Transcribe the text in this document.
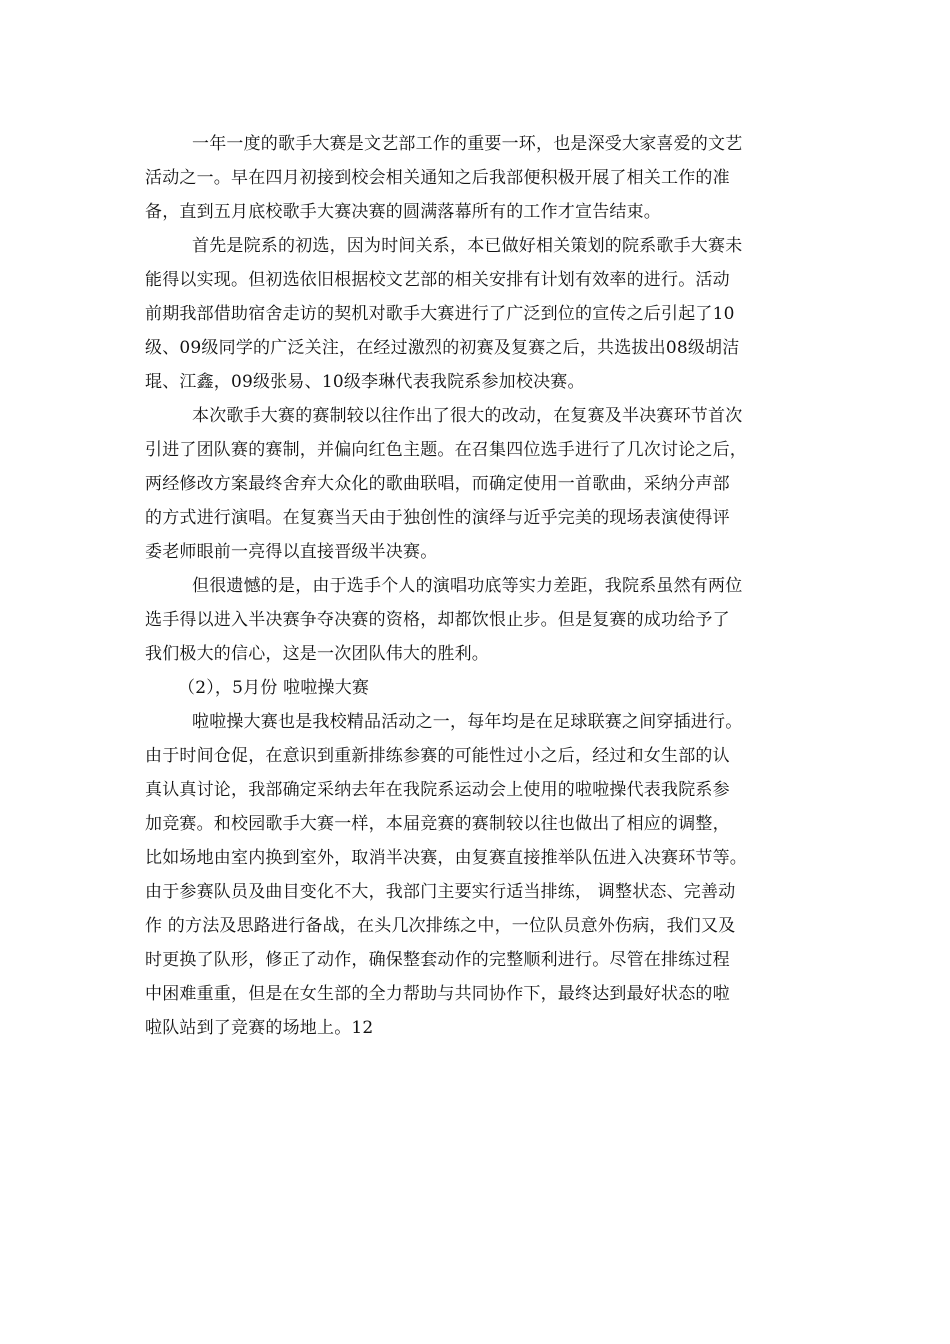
一年一度的歌手大赛是文艺部工作的重要一环，也是深受大家喜爱的文艺
活动之一。早在四月初接到校会相关通知之后我部便积极开展了相关工作的准
备，直到五月底校歌手大赛决赛的圆满落幕所有的工作才宣告结束。
首先是院系的初选，因为时间关系，本已做好相关策划的院系歌手大赛未
能得以实现。但初选依旧根据校文艺部的相关安排有计划有效率的进行。活动
前期我部借助宿舍走访的契机对歌手大赛进行了广泛到位的宣传之后引起了10
级、09级同学的广泛关注，在经过激烈的初赛及复赛之后，共选拔出08级胡洁
琨、江鑫，09级张易、10级李琳代表我院系参加校决赛。
本次歌手大赛的赛制较以往作出了很大的改动，在复赛及半决赛环节首次
引进了团队赛的赛制，并偏向红色主题。在召集四位选手进行了几次讨论之后，
两经修改方案最终舍弃大众化的歌曲联唱，而确定使用一首歌曲，采纳分声部
的方式进行演唱。在复赛当天由于独创性的演绎与近乎完美的现场表演使得评
委老师眼前一亮得以直接晋级半决赛。
但很遗憾的是，由于选手个人的演唱功底等实力差距，我院系虽然有两位
选手得以进入半决赛争夺决赛的资格，却都饮恨止步。但是复赛的成功给予了
我们极大的信心，这是一次团队伟大的胜利。
（2），5月份 啦啦操大赛
啦啦操大赛也是我校精品活动之一，每年均是在足球联赛之间穿插进行。
由于时间仓促，在意识到重新排练参赛的可能性过小之后，经过和女生部的认
真认真讨论，我部确定采纳去年在我院系运动会上使用的啦啦操代表我院系参
加竞赛。和校园歌手大赛一样，本届竞赛的赛制较以往也做出了相应的调整，
比如场地由室内换到室外，取消半决赛，由复赛直接推举队伍进入决赛环节等。
由于参赛队员及曲目变化不大，我部门主要实行适当排练， 调整状态、完善动
作 的方法及思路进行备战，在头几次排练之中，一位队员意外伤病，我们又及
时更换了队形，修正了动作，确保整套动作的完整顺利进行。尽管在排练过程
中困难重重，但是在女生部的全力帮助与共同协作下，最终达到最好状态的啦
啦队站到了竞赛的场地上。12
